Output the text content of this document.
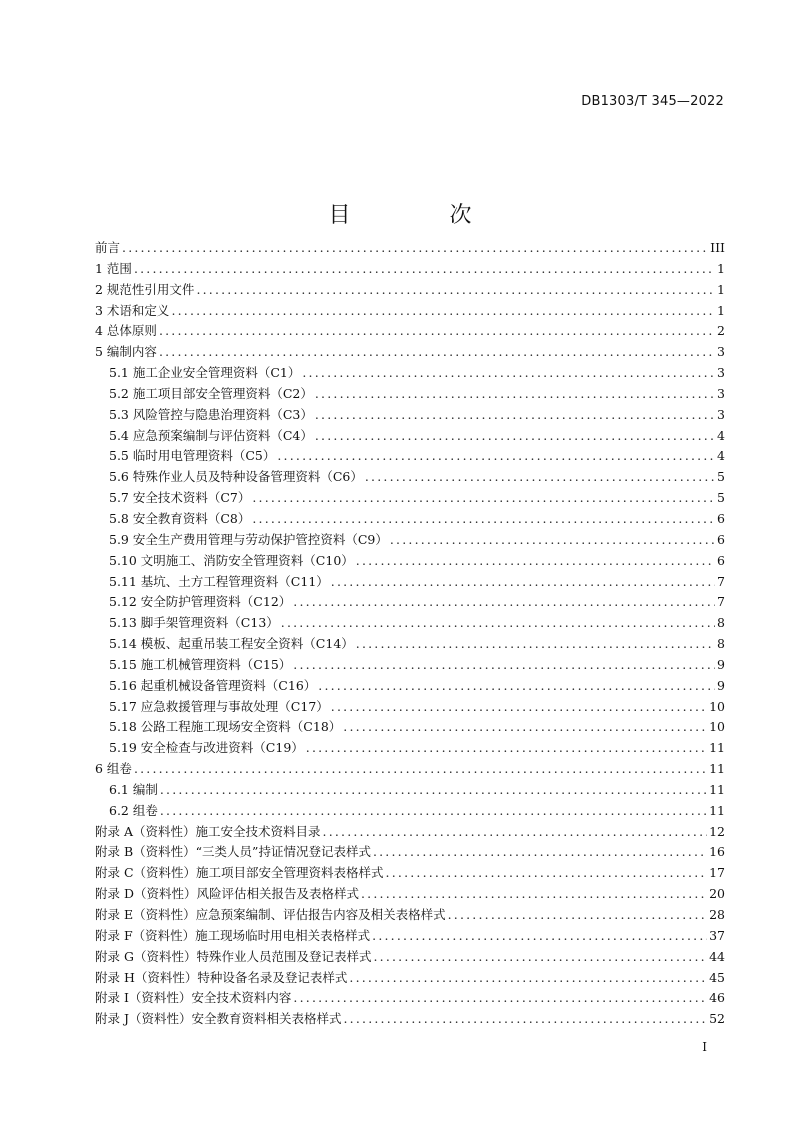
DB1303/T 345—2022
目 次
前言 .....	III
1 范围 .....	1
2 规范性引用文件 .....	1
3 术语和定义 .....	1
4 总体原则 .....	2
5 编制内容 .....	3
5.1 施工企业安全管理资料（C1） .....	3
5.2 施工项目部安全管理资料（C2） .....	3
5.3 风险管控与隐患治理资料（C3） .....	3
5.4 应急预案编制与评估资料（C4） .....	4
5.5 临时用电管理资料（C5） .....	4
5.6 特殊作业人员及特种设备管理资料（C6） .....	5
5.7 安全技术资料（C7） .....	5
5.8 安全教育资料（C8） .....	6
5.9 安全生产费用管理与劳动保护管控资料（C9） .....	6
5.10 文明施工、消防安全管理资料（C10） .....	6
5.11 基坑、土方工程管理资料（C11） .....	7
5.12 安全防护管理资料（C12） .....	7
5.13 脚手架管理资料（C13） .....	8
5.14 模板、起重吊装工程安全资料（C14） .....	8
5.15 施工机械管理资料（C15） .....	9
5.16 起重机械设备管理资料（C16） .....	9
5.17 应急救援管理与事故处理（C17） .....	10
5.18 公路工程施工现场安全资料（C18） .....	10
5.19 安全检查与改进资料（C19） .....	11
6 组卷 .....	11
6.1 编制 .....	11
6.2 组卷 .....	11
附录 A（资料性）施工安全技术资料目录 .....	12
附录 B（资料性）“三类人员”持证情况登记表样式 .....	16
附录 C（资料性）施工项目部安全管理资料表格样式 .....	17
附录 D（资料性）风险评估相关报告及表格样式 .....	20
附录 E（资料性）应急预案编制、评估报告内容及相关表格样式 .....	28
附录 F（资料性）施工现场临时用电相关表格样式 .....	37
附录 G（资料性）特殊作业人员范围及登记表样式 .....	44
附录 H（资料性）特种设备名录及登记表样式 .....	45
附录 I（资料性）安全技术资料内容 .....	46
附录 J（资料性）安全教育资料相关表格样式 .....	52
I
